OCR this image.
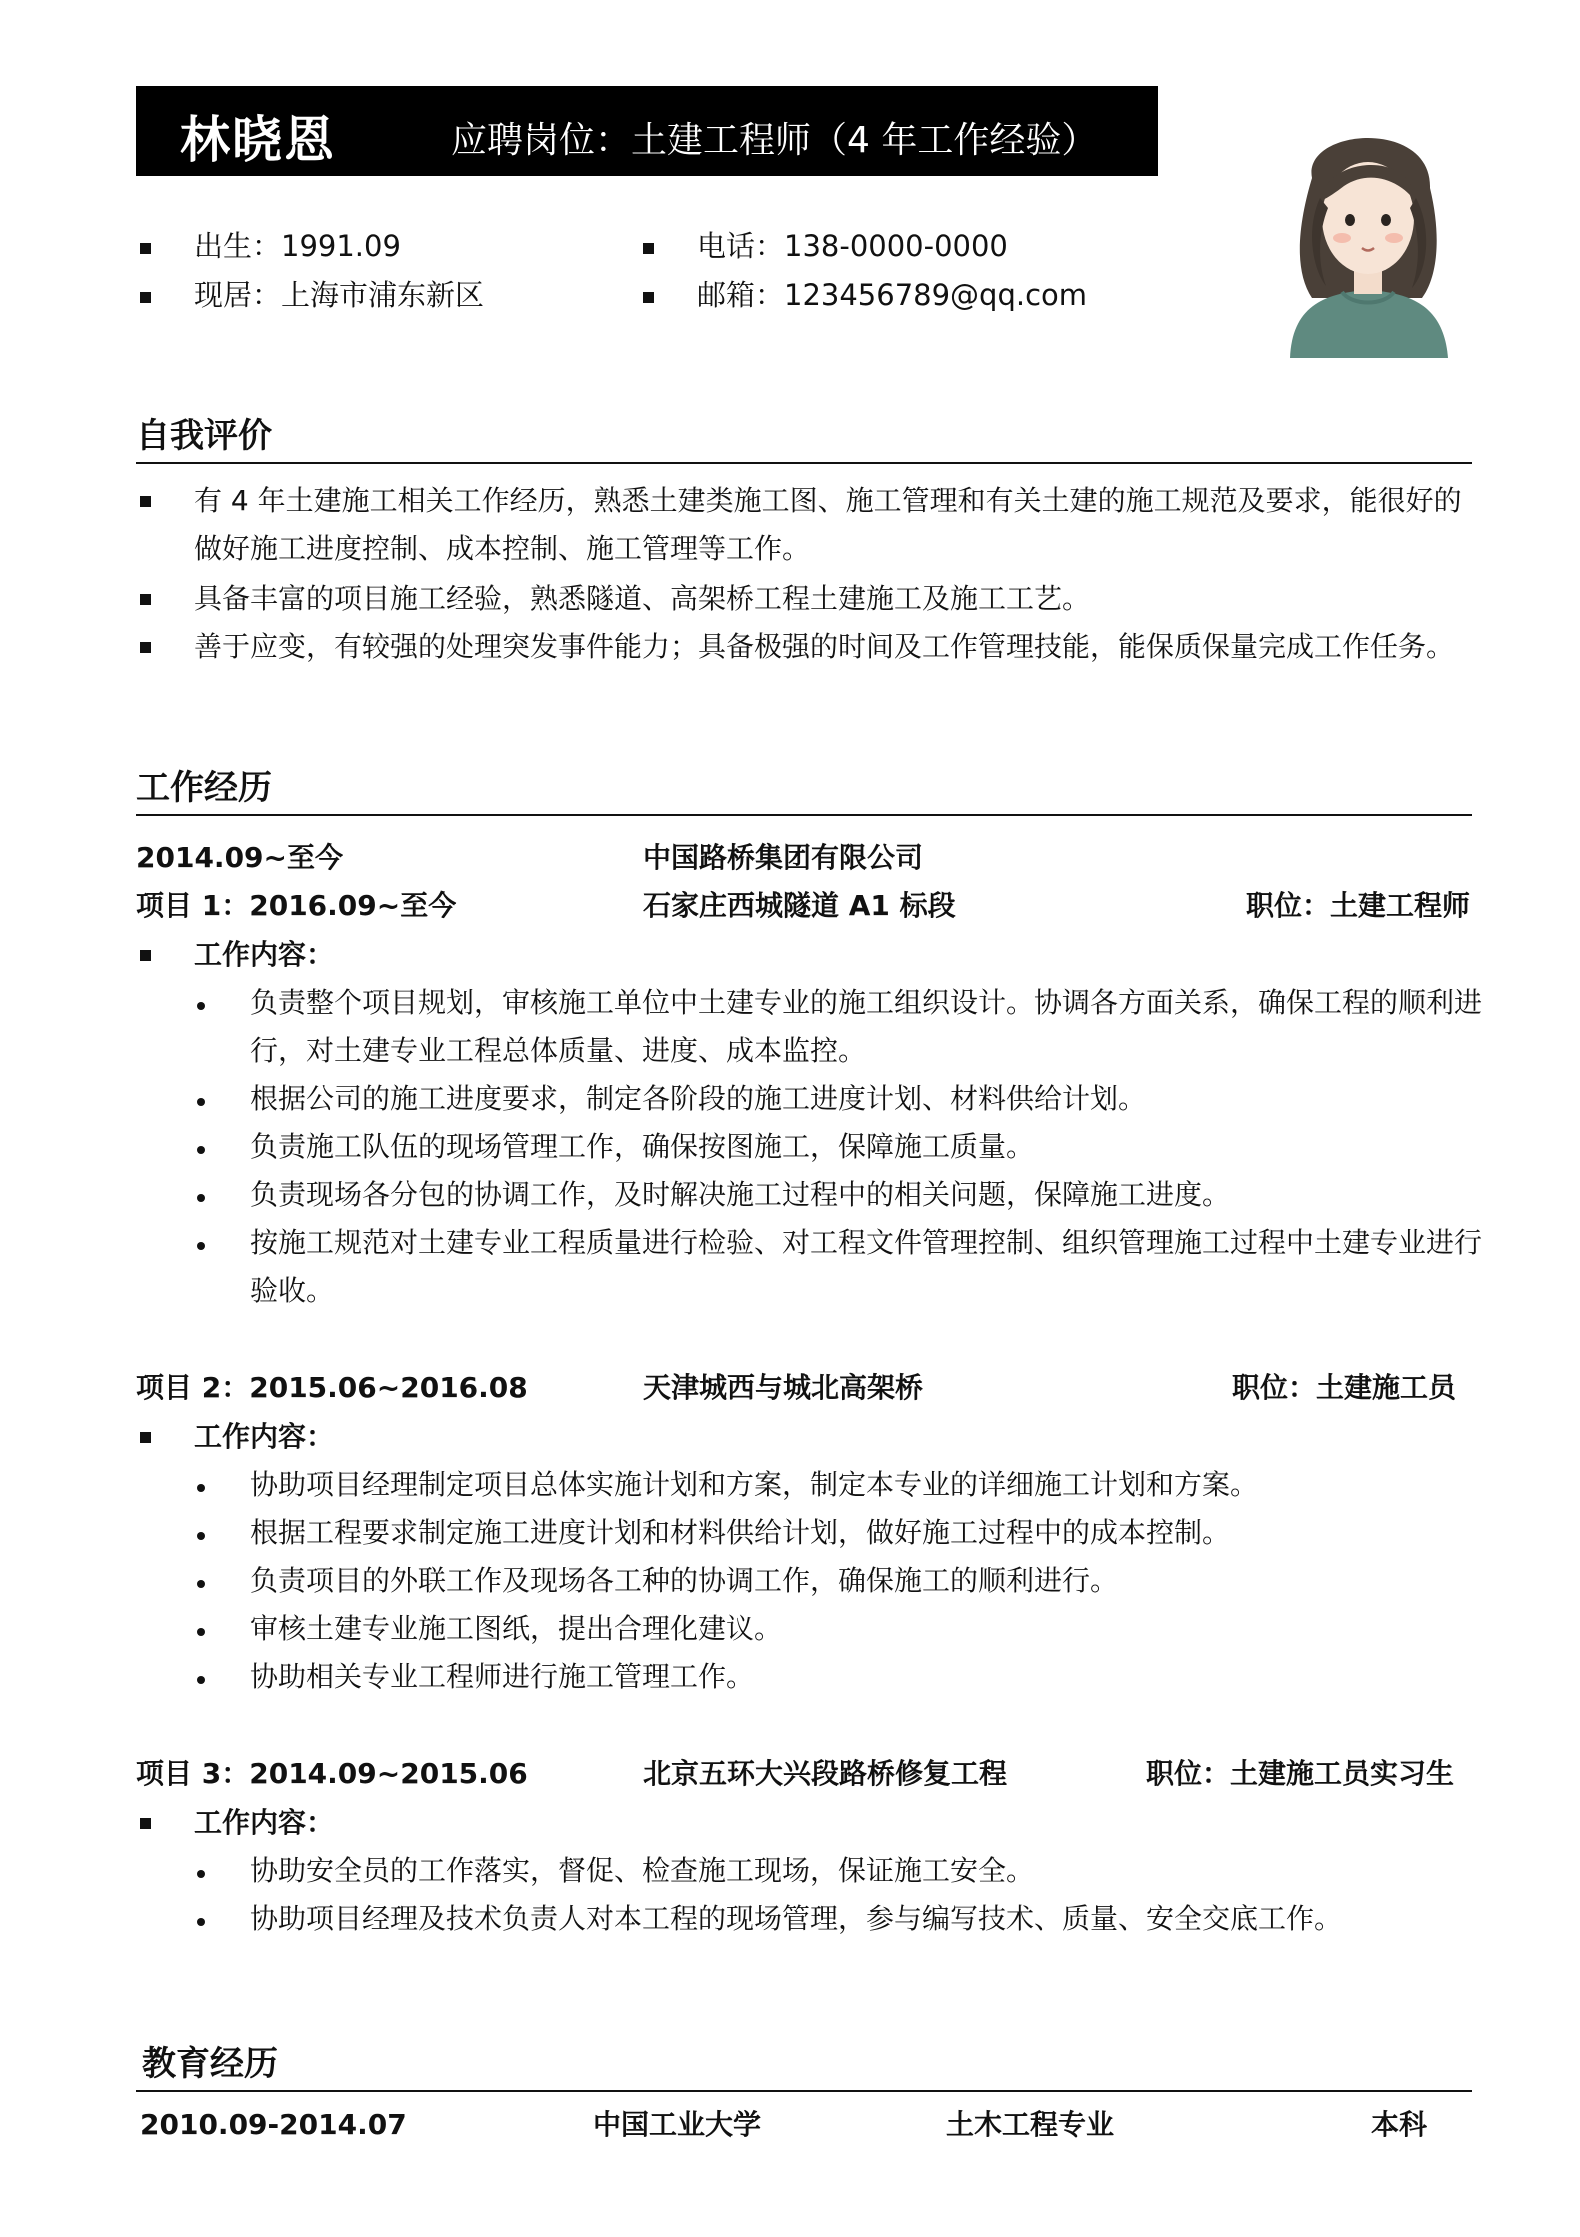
林晓恩	应聘岗位：土建工程师（4 年工作经验）
出生：1991.09
现居：上海市浦东新区
电话：138-0000-0000
邮箱：123456789@qq.com
自我评价
有 4 年土建施工相关工作经历，熟悉土建类施工图、施工管理和有关土建的施工规范及要求，能很好的
做好施工进度控制、成本控制、施工管理等工作。
具备丰富的项目施工经验，熟悉隧道、高架桥工程土建施工及施工工艺。
善于应变，有较强的处理突发事件能力；具备极强的时间及工作管理技能，能保质保量完成工作任务。
工作经历
2014.09~至今	中国路桥集团有限公司
项目 1：2016.09~至今	石家庄西城隧道 A1 标段	职位：土建工程师
工作内容：
负责整个项目规划，审核施工单位中土建专业的施工组织设计。协调各方面关系，确保工程的顺利进
行，对土建专业工程总体质量、进度、成本监控。
根据公司的施工进度要求，制定各阶段的施工进度计划、材料供给计划。
负责施工队伍的现场管理工作，确保按图施工，保障施工质量。
负责现场各分包的协调工作，及时解决施工过程中的相关问题，保障施工进度。
按施工规范对土建专业工程质量进行检验、对工程文件管理控制、组织管理施工过程中土建专业进行
验收。
项目 2：2015.06~2016.08	天津城西与城北高架桥	职位：土建施工员
工作内容：
协助项目经理制定项目总体实施计划和方案，制定本专业的详细施工计划和方案。
根据工程要求制定施工进度计划和材料供给计划，做好施工过程中的成本控制。
负责项目的外联工作及现场各工种的协调工作，确保施工的顺利进行。
审核土建专业施工图纸，提出合理化建议。
协助相关专业工程师进行施工管理工作。
项目 3：2014.09~2015.06	北京五环大兴段路桥修复工程	职位：土建施工员实习生
工作内容：
协助安全员的工作落实，督促、检查施工现场，保证施工安全。
协助项目经理及技术负责人对本工程的现场管理，参与编写技术、质量、安全交底工作。
教育经历
2010.09-2014.07	中国工业大学	土木工程专业	本科
